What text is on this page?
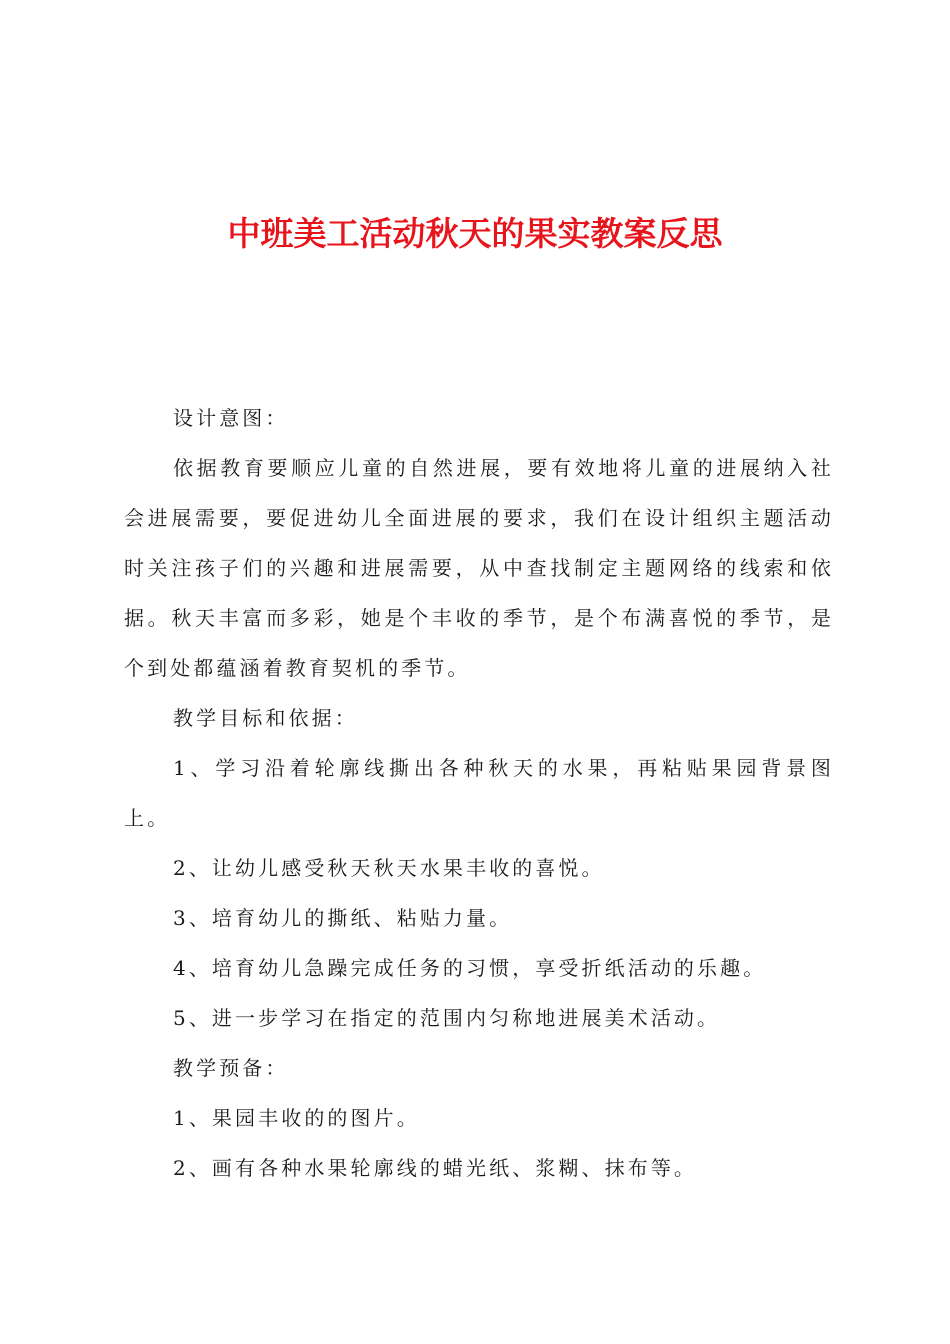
中班美工活动秋天的果实教案反思

设计意图：

依据教育要顺应儿童的自然进展，要有效地将儿童的进展纳入社会进展需要，要促进幼儿全面进展的要求，我们在设计组织主题活动时关注孩子们的兴趣和进展需要，从中查找制定主题网络的线索和依据。秋天丰富而多彩，她是个丰收的季节，是个布满喜悦的季节，是个到处都蕴涵着教育契机的季节。

教学目标和依据：

1、学习沿着轮廓线撕出各种秋天的水果，再粘贴果园背景图上。

2、让幼儿感受秋天秋天水果丰收的喜悦。

3、培育幼儿的撕纸、粘贴力量。

4、培育幼儿急躁完成任务的习惯，享受折纸活动的乐趣。

5、进一步学习在指定的范围内匀称地进展美术活动。

教学预备：

1、果园丰收的的图片。

2、画有各种水果轮廓线的蜡光纸、浆糊、抹布等。
